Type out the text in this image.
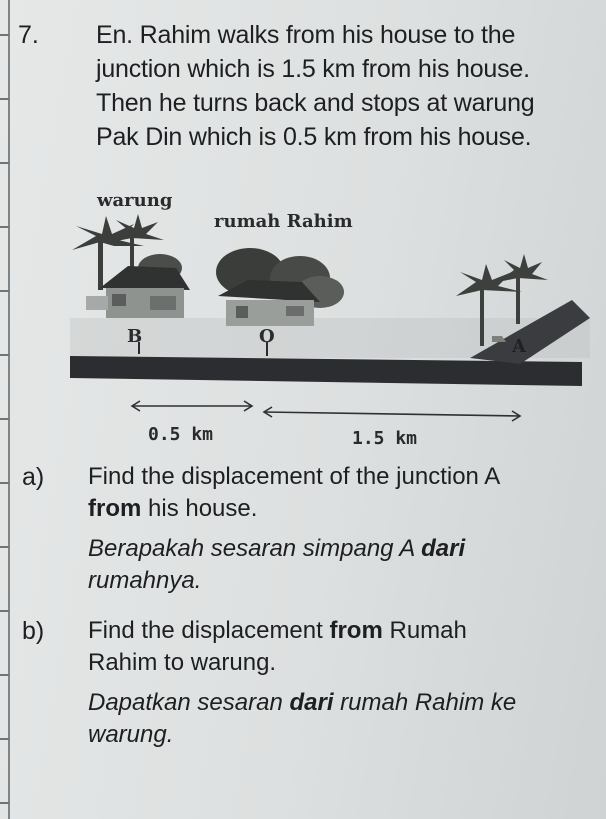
7. En. Rahim walks from his house to the
junction which is 1.5 km from his house.
Then he turns back and stops at warung
Pak Din which is 0.5 km from his house.
warung
rumah Rahim
B	O	A
0.5 km	1.5 km
a) Find the displacement of the junction A
from his house.
Berapakah sesaran simpang A dari
rumahnya.
b) Find the displacement from Rumah
Rahim to warung.
Dapatkan sesaran dari rumah Rahim ke
warung.
